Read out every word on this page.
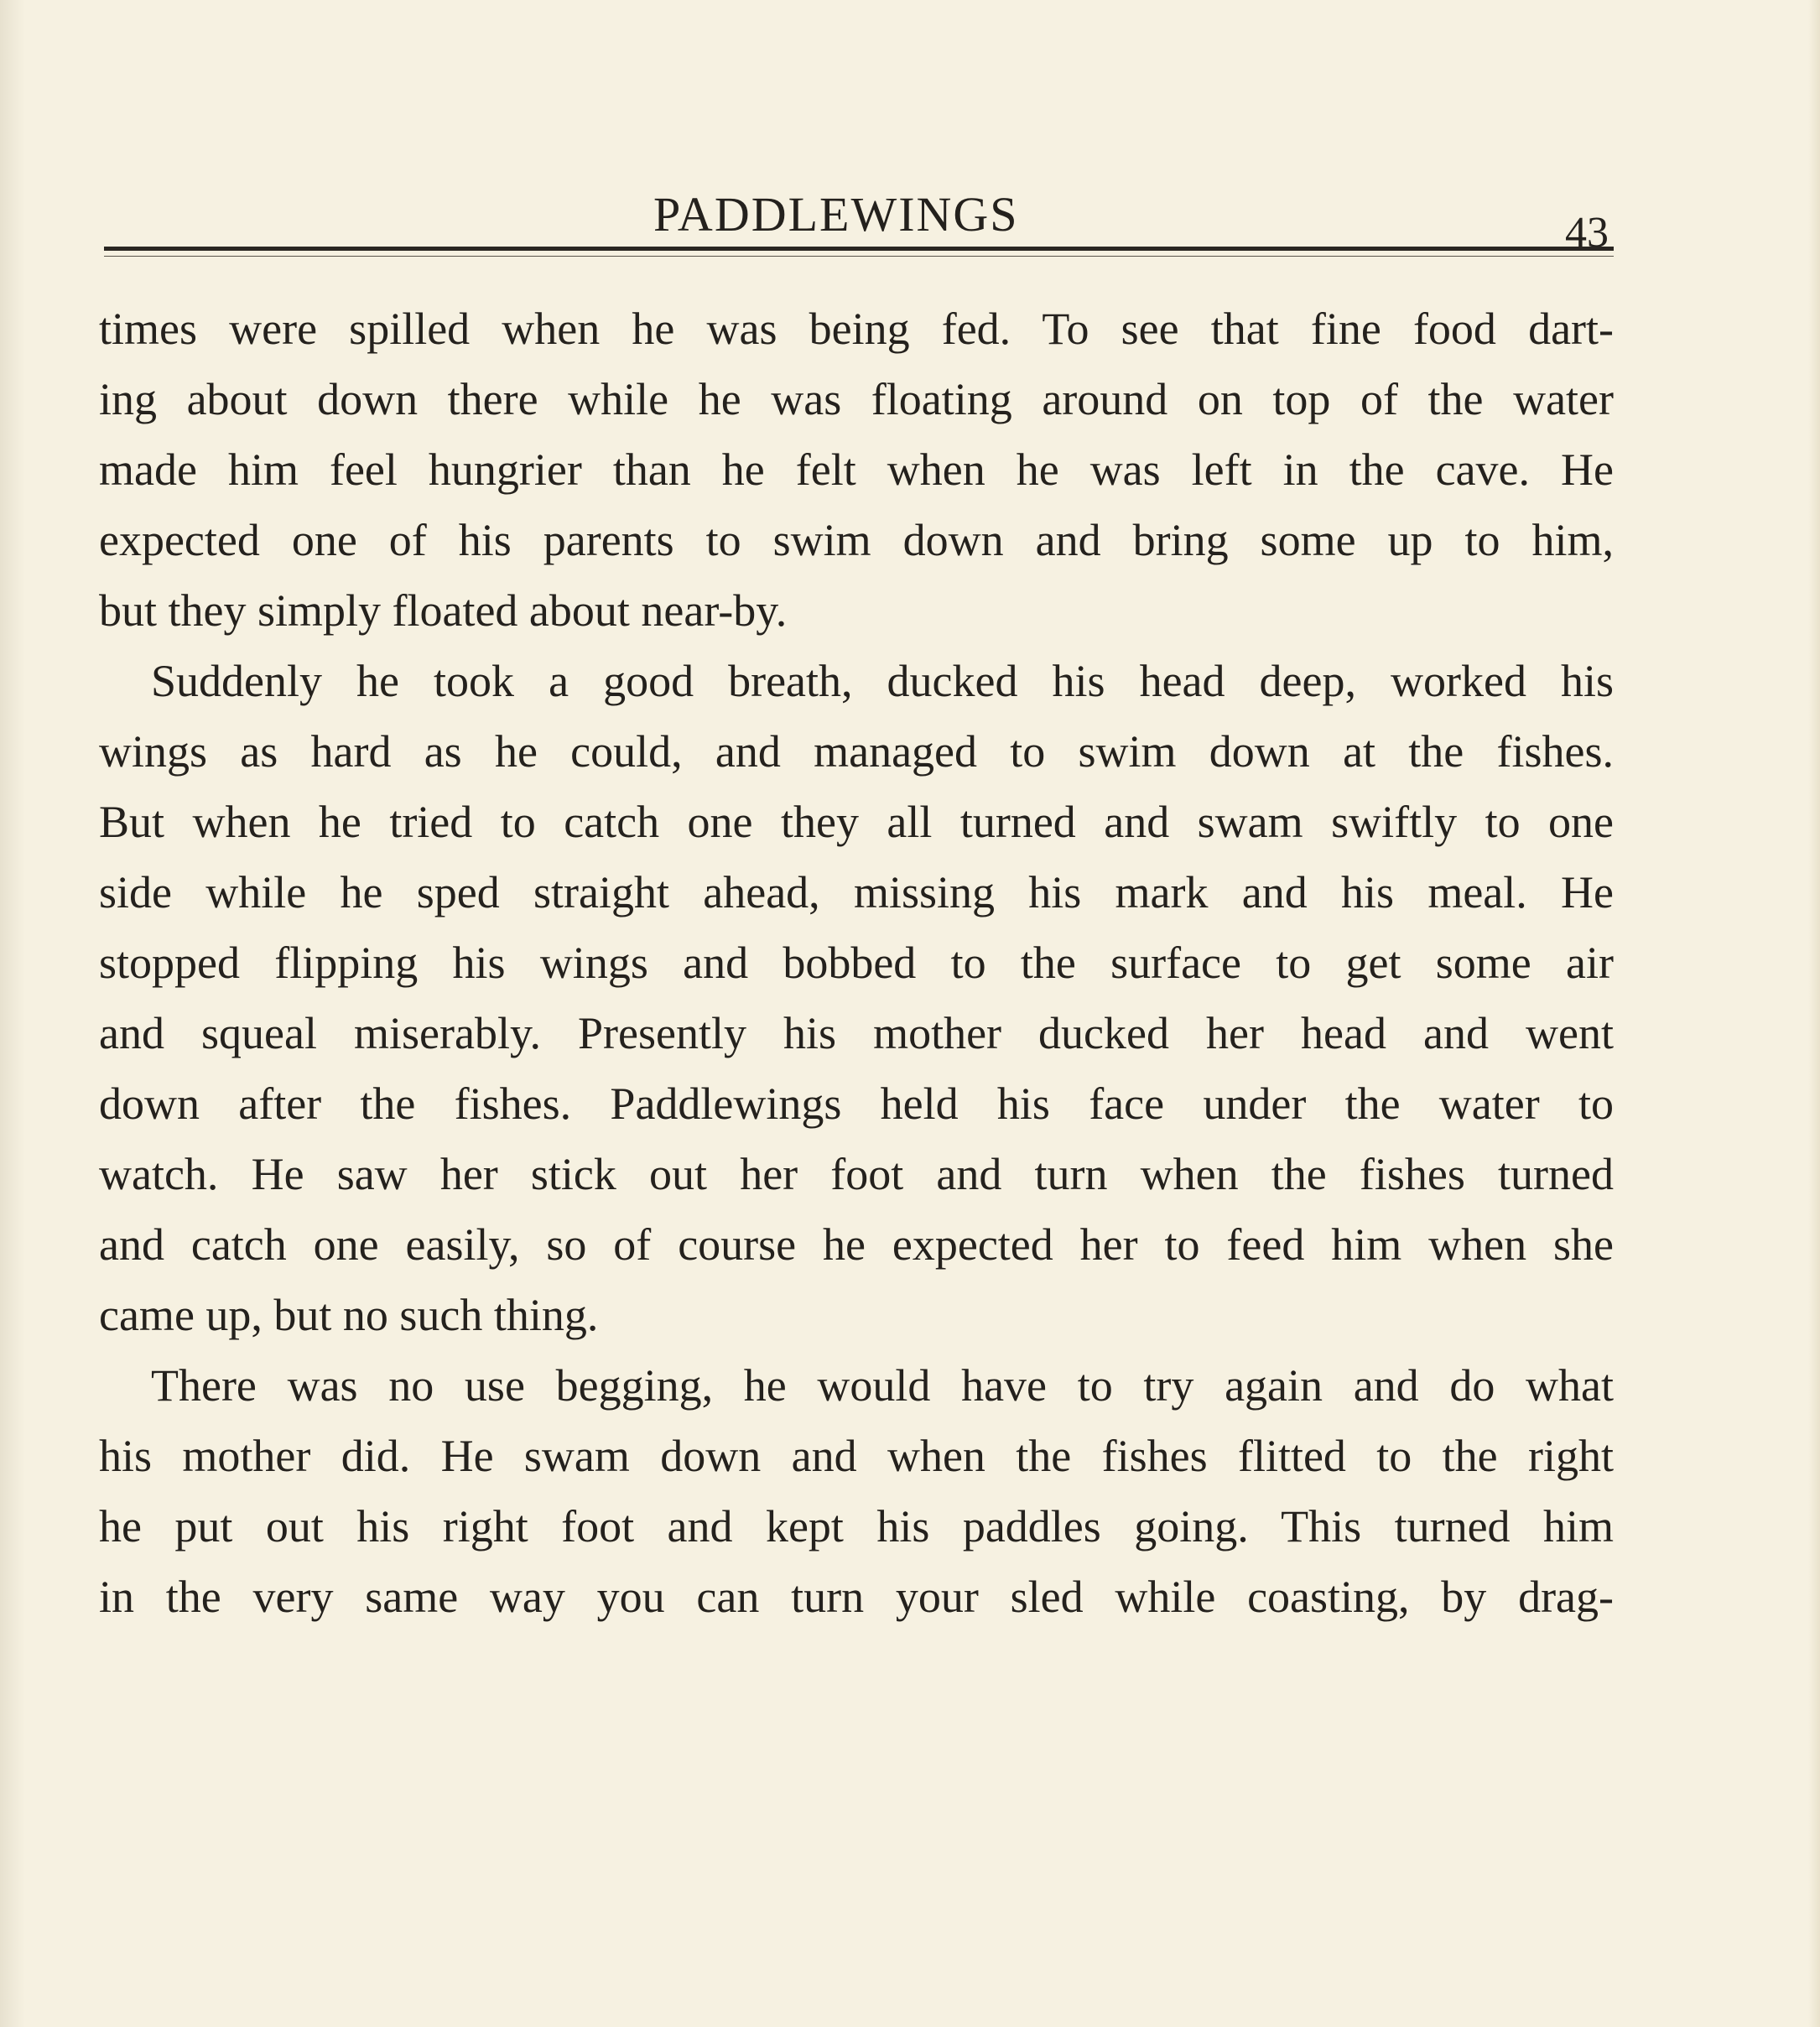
PADDLEWINGS	43
times were spilled when he was being fed. To see that fine food dart-
ing about down there while he was floating around on top of the water
made him feel hungrier than he felt when he was left in the cave. He
expected one of his parents to swim down and bring some up to him,
but they simply floated about near-by.
Suddenly he took a good breath, ducked his head deep, worked his
wings as hard as he could, and managed to swim down at the fishes.
But when he tried to catch one they all turned and swam swiftly to one
side while he sped straight ahead, missing his mark and his meal. He
stopped flipping his wings and bobbed to the surface to get some air
and squeal miserably. Presently his mother ducked her head and went
down after the fishes. Paddlewings held his face under the water to
watch. He saw her stick out her foot and turn when the fishes turned
and catch one easily, so of course he expected her to feed him when she
came up, but no such thing.
There was no use begging, he would have to try again and do what
his mother did. He swam down and when the fishes flitted to the right
he put out his right foot and kept his paddles going. This turned him
in the very same way you can turn your sled while coasting, by drag-
